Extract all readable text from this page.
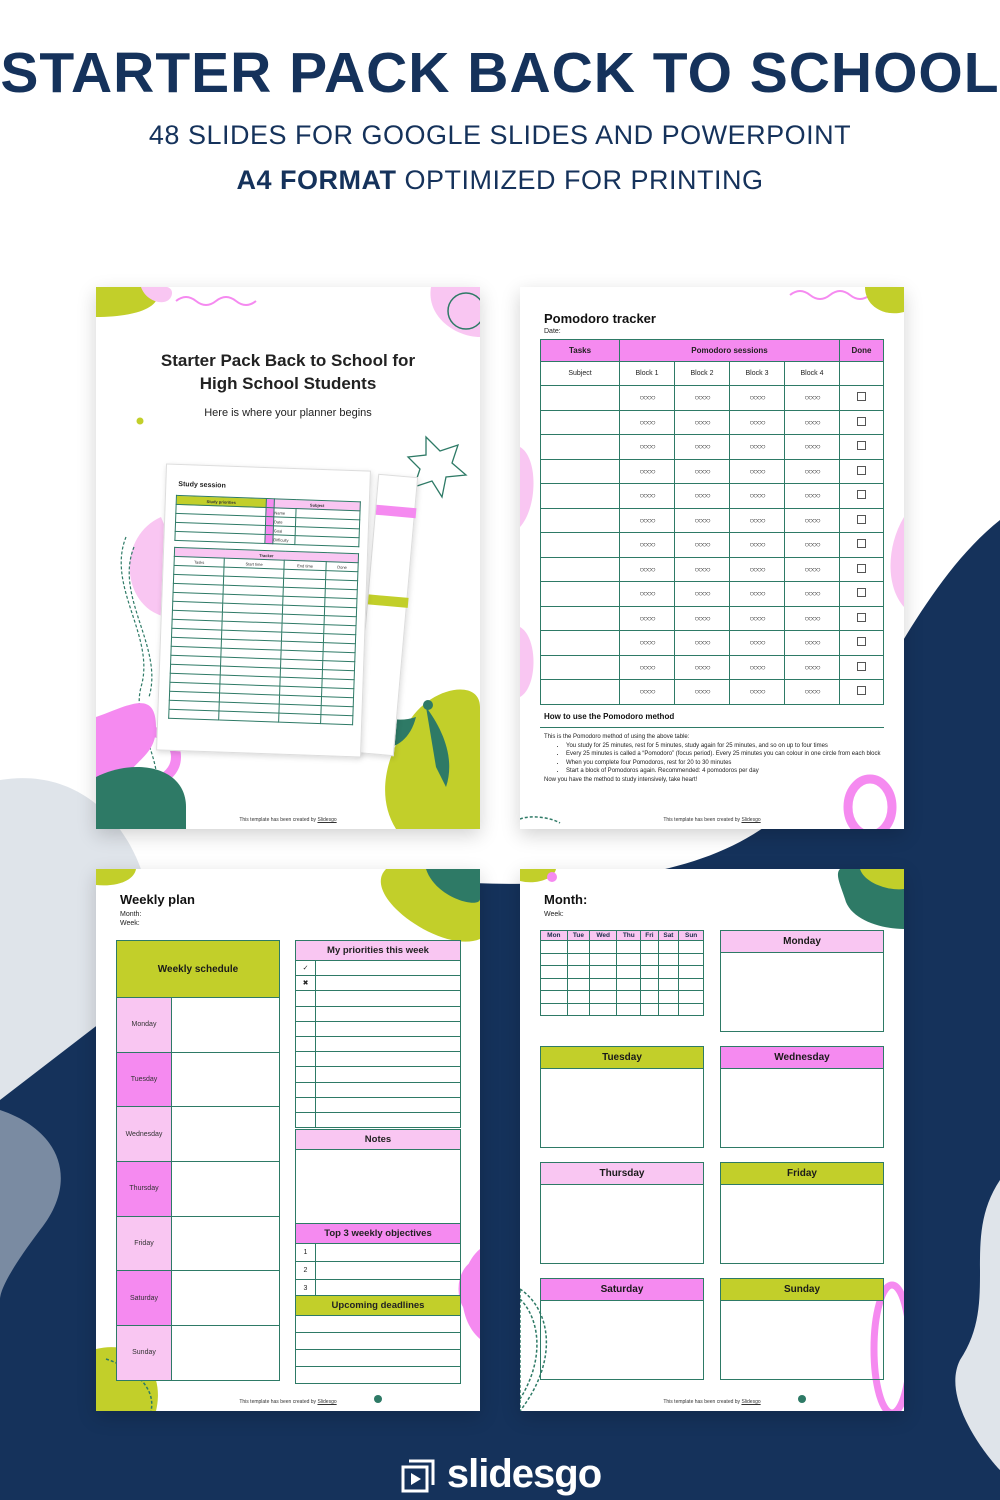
STARTER PACK BACK TO SCHOOL
48 SLIDES FOR GOOGLE SLIDES AND POWERPOINT
A4 FORMAT OPTIMIZED FOR PRINTING
Starter Pack Back to School for
High School Students
Here is where your planner begins
Study session
Study priorities		Subject	
		Name	
		Date	
		Goal	
		Difficulty	
Tracker			
Tasks	Start time	End time	Done

This template has been created by Slidesgo
Pomodoro tracker
Date:
Tasks	Pomodoro sessions				Done
Subject	Block 1	Block 2	Block 3	Block 4	
	○○○○	○○○○	○○○○	○○○○	
	○○○○	○○○○	○○○○	○○○○	
	○○○○	○○○○	○○○○	○○○○	
	○○○○	○○○○	○○○○	○○○○	
	○○○○	○○○○	○○○○	○○○○	
	○○○○	○○○○	○○○○	○○○○	
	○○○○	○○○○	○○○○	○○○○	
	○○○○	○○○○	○○○○	○○○○	
	○○○○	○○○○	○○○○	○○○○	
	○○○○	○○○○	○○○○	○○○○	
	○○○○	○○○○	○○○○	○○○○	
	○○○○	○○○○	○○○○	○○○○	
	○○○○	○○○○	○○○○	○○○○	
How to use the Pomodoro method
This is the Pomodoro method of using the above table:
• You study for 25 minutes, rest for 5 minutes, study again for 25 minutes, and so on up to four times
• Every 25 minutes is called a “Pomodoro” (focus period). Every 25 minutes you can colour in one circle from each block
• When you complete four Pomodoros, rest for 20 to 30 minutes
• Start a block of Pomodoros again. Recommended: 4 pomodoros per day
Now you have the method to study intensively, take heart!
This template has been created by Slidesgo
Weekly plan
Month:
Week:
Weekly schedule	
Monday	
Tuesday	
Wednesday	
Thursday	
Friday	
Saturday	
Sunday	
My priorities this week	
✓	
✖	

Notes

Top 3 weekly objectives	
1	
2	
3	
Upcoming deadlines

This template has been created by Slidesgo
Month:
Week:
Mon	Tue	Wed	Thu	Fri	Sat	Sun

Monday
Tuesday	Wednesday
Thursday	Friday
Saturday	Sunday
This template has been created by Slidesgo
slidesgo
